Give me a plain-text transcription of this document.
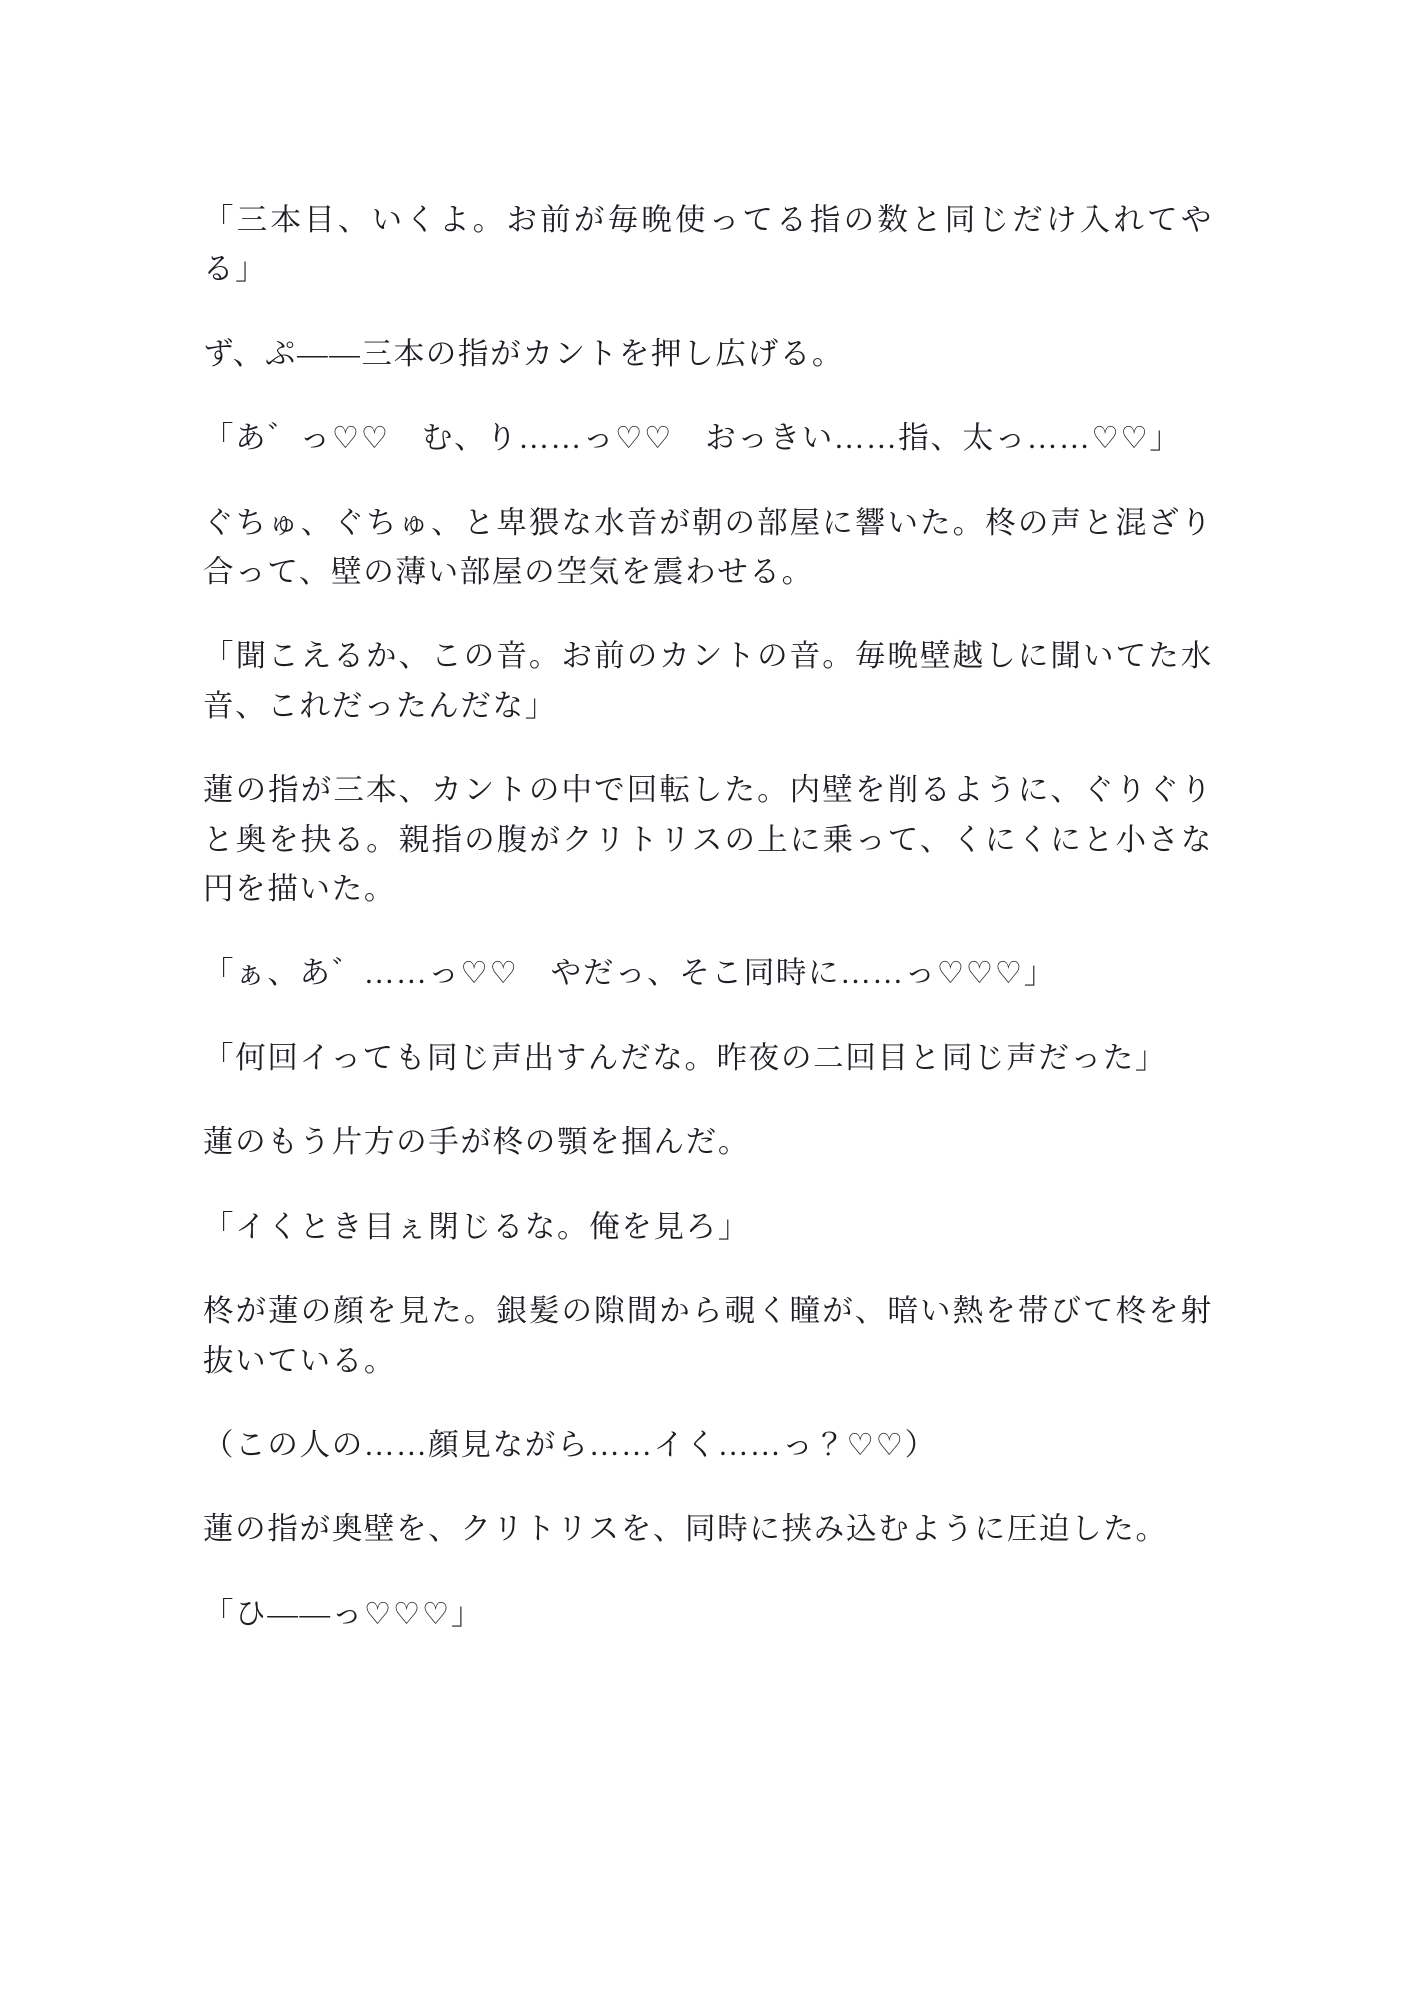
「三本目、いくよ。お前が毎晩使ってる指の数と同じだけ入れてやる」

ず、ぷ——三本の指がカントを押し広げる。

「あ゛っ♡♡　む、り……っ♡♡　おっきい……指、太っ……♡♡」

ぐちゅ、ぐちゅ、と卑猥な水音が朝の部屋に響いた。柊の声と混ざり合って、壁の薄い部屋の空気を震わせる。

「聞こえるか、この音。お前のカントの音。毎晩壁越しに聞いてた水音、これだったんだな」

蓮の指が三本、カントの中で回転した。内壁を削るように、ぐりぐりと奥を抉る。親指の腹がクリトリスの上に乗って、くにくにと小さな円を描いた。

「ぁ、あ゛……っ♡♡　やだっ、そこ同時に……っ♡♡♡」

「何回イっても同じ声出すんだな。昨夜の二回目と同じ声だった」

蓮のもう片方の手が柊の顎を掴んだ。

「イくとき目ぇ閉じるな。俺を見ろ」

柊が蓮の顔を見た。銀髪の隙間から覗く瞳が、暗い熱を帯びて柊を射抜いている。

（この人の……顔見ながら……イく……っ？♡♡）

蓮の指が奥壁を、クリトリスを、同時に挟み込むように圧迫した。

「ひ——っ♡♡♡」
